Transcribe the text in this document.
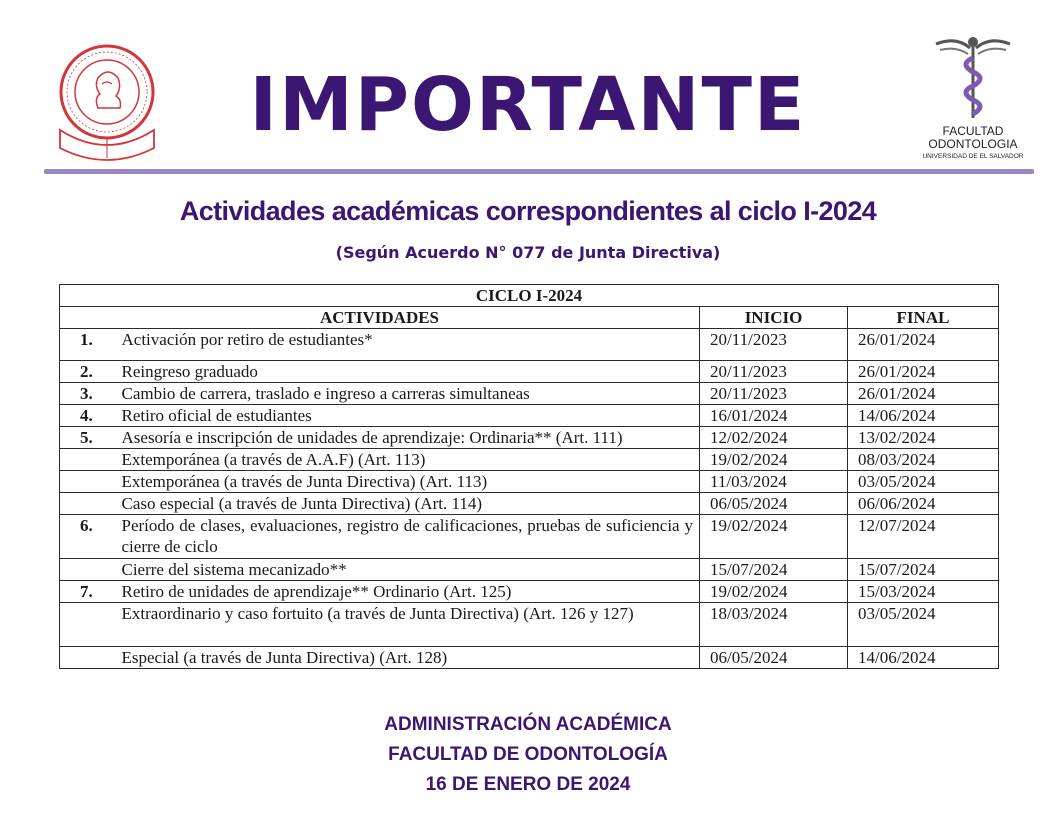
IMPORTANTE	FACULTAD
ODONTOLOGIA
UNIVERSIDAD DE EL SALVADOR
Actividades académicas correspondientes al ciclo I-2024
(Según Acuerdo N° 077 de Junta Directiva)
CICLO I-2024			
ACTIVIDADES		INICIO	FINAL
1.	Activación por retiro de estudiantes*	20/11/2023	26/01/2024
2.	Reingreso graduado	20/11/2023	26/01/2024
3.	Cambio de carrera, traslado e ingreso a carreras simultaneas	20/11/2023	26/01/2024
4.	Retiro oficial de estudiantes	16/01/2024	14/06/2024
5.	Asesoría e inscripción de unidades de aprendizaje: Ordinaria** (Art. 111)	12/02/2024	13/02/2024
	Extemporánea (a través de A.A.F) (Art. 113)	19/02/2024	08/03/2024
	Extemporánea (a través de Junta Directiva) (Art. 113)	11/03/2024	03/05/2024
	Caso especial (a través de Junta Directiva) (Art. 114)	06/05/2024	06/06/2024
6.	Período de clases, evaluaciones, registro de calificaciones, pruebas de suficiencia y cierre de ciclo	19/02/2024	12/07/2024
	Cierre del sistema mecanizado**	15/07/2024	15/07/2024
7.	Retiro de unidades de aprendizaje** Ordinario (Art. 125)	19/02/2024	15/03/2024
	Extraordinario y caso fortuito (a través de Junta Directiva) (Art. 126 y 127)	18/03/2024	03/05/2024
	Especial (a través de Junta Directiva) (Art. 128)	06/05/2024	14/06/2024
ADMINISTRACIÓN ACADÉMICA
FACULTAD DE ODONTOLOGÍA
16 DE ENERO DE 2024
